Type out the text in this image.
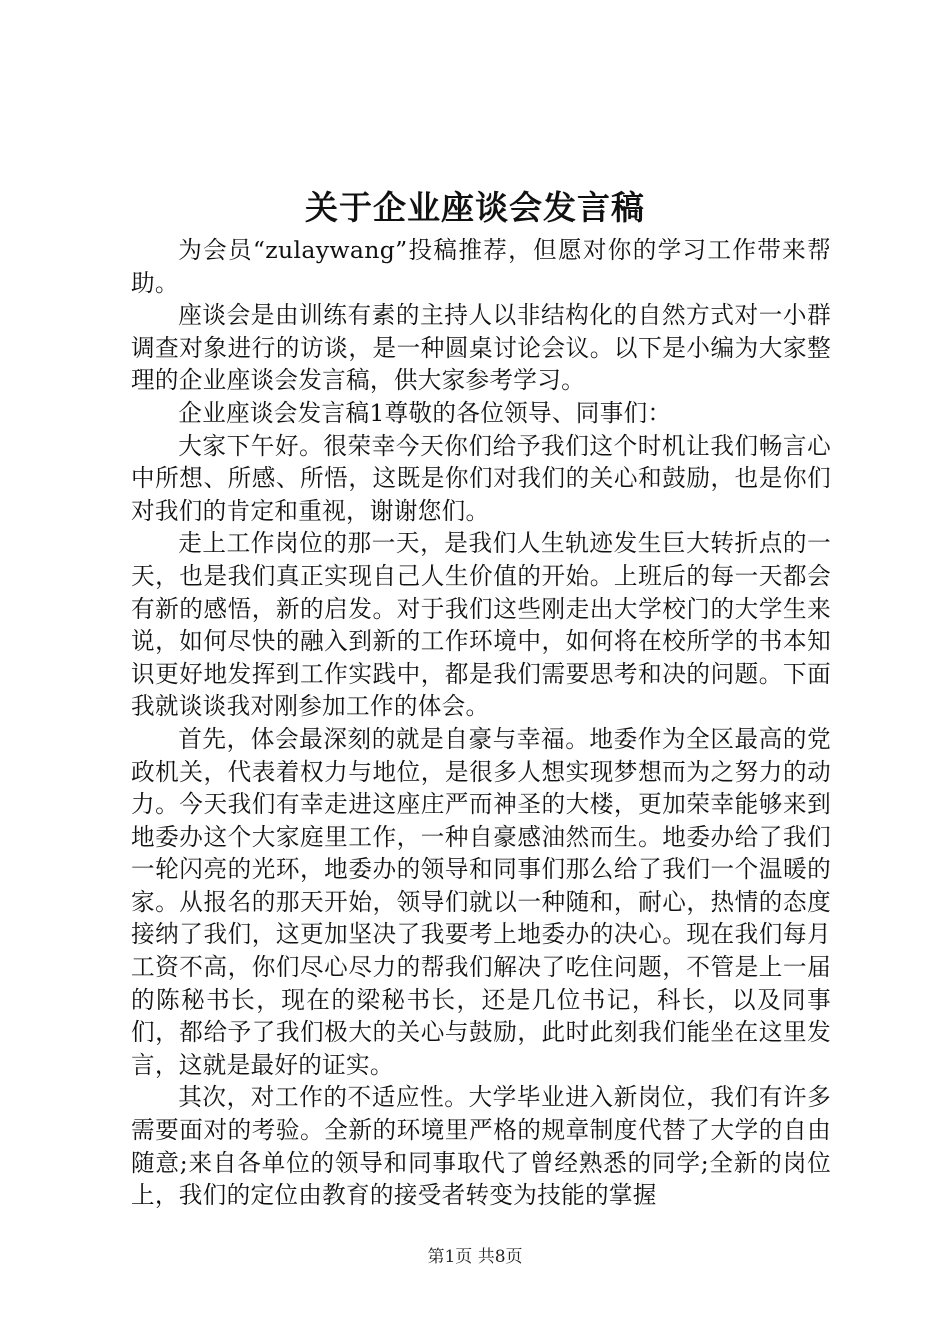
关于企业座谈会发言稿

为会员“zulaywang”投稿推荐，但愿对你的学习工作带来帮助。

座谈会是由训练有素的主持人以非结构化的自然方式对一小群调查对象进行的访谈，是一种圆桌讨论会议。以下是小编为大家整理的企业座谈会发言稿，供大家参考学习。

企业座谈会发言稿1尊敬的各位领导、同事们：

大家下午好。很荣幸今天你们给予我们这个时机让我们畅言心中所想、所感、所悟，这既是你们对我们的关心和鼓励，也是你们对我们的肯定和重视，谢谢您们。

走上工作岗位的那一天，是我们人生轨迹发生巨大转折点的一天，也是我们真正实现自己人生价值的开始。上班后的每一天都会有新的感悟，新的启发。对于我们这些刚走出大学校门的大学生来说，如何尽快的融入到新的工作环境中，如何将在校所学的书本知识更好地发挥到工作实践中，都是我们需要思考和决的问题。下面我就谈谈我对刚参加工作的体会。

首先，体会最深刻的就是自豪与幸福。地委作为全区最高的党政机关，代表着权力与地位，是很多人想实现梦想而为之努力的动力。今天我们有幸走进这座庄严而神圣的大楼，更加荣幸能够来到地委办这个大家庭里工作，一种自豪感油然而生。地委办给了我们一轮闪亮的光环，地委办的领导和同事们那么给了我们一个温暖的家。从报名的那天开始，领导们就以一种随和，耐心，热情的态度接纳了我们，这更加坚决了我要考上地委办的决心。现在我们每月工资不高，你们尽心尽力的帮我们解决了吃住问题，不管是上一届的陈秘书长，现在的梁秘书长，还是几位书记，科长，以及同事们，都给予了我们极大的关心与鼓励，此时此刻我们能坐在这里发言，这就是最好的证实。

其次，对工作的不适应性。大学毕业进入新岗位，我们有许多需要面对的考验。全新的环境里严格的规章制度代替了大学的自由随意;来自各单位的领导和同事取代了曾经熟悉的同学;全新的岗位上，我们的定位由教育的接受者转变为技能的掌握

第1页 共8页
